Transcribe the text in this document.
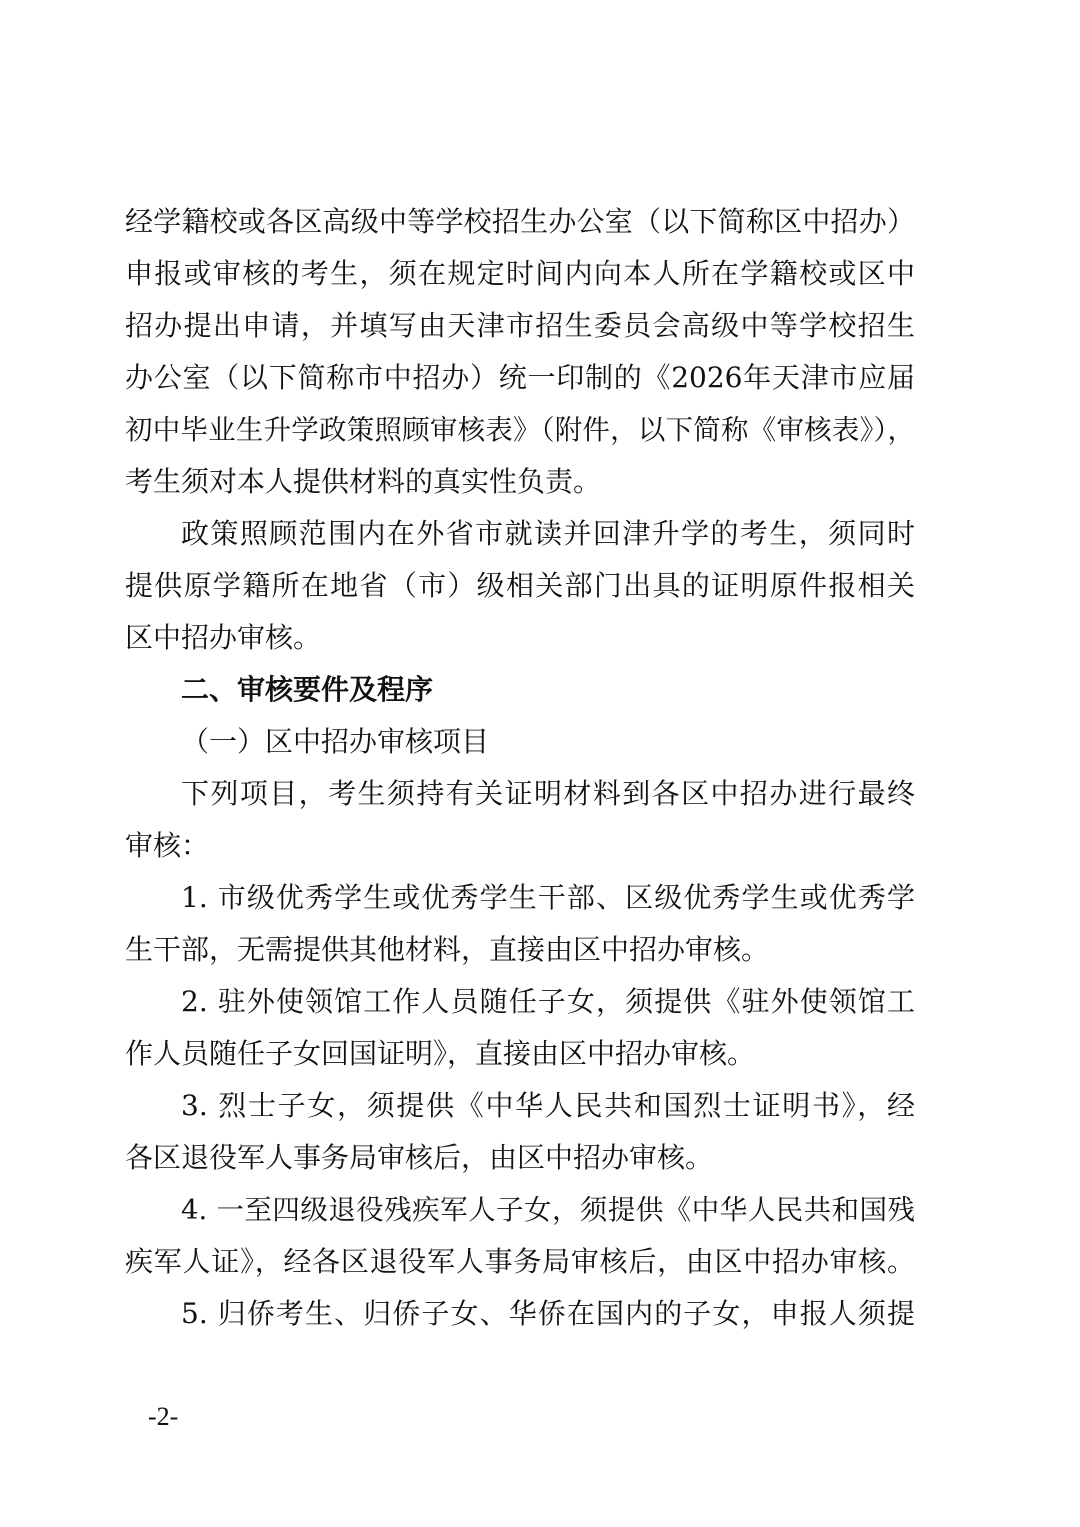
经学籍校或各区高级中等学校招生办公室（以下简称区中招办）
申报或审核的考生，须在规定时间内向本人所在学籍校或区中
招办提出申请，并填写由天津市招生委员会高级中等学校招生
办公室（以下简称市中招办）统一印制的《2026年天津市应届
初中毕业生升学政策照顾审核表》（附件，以下简称《审核表》），
考生须对本人提供材料的真实性负责。
政策照顾范围内在外省市就读并回津升学的考生，须同时
提供原学籍所在地省（市）级相关部门出具的证明原件报相关
区中招办审核。
二、审核要件及程序
（一）区中招办审核项目
下列项目，考生须持有关证明材料到各区中招办进行最终
审核：
1. 市级优秀学生或优秀学生干部、区级优秀学生或优秀学
生干部，无需提供其他材料，直接由区中招办审核。
2. 驻外使领馆工作人员随任子女，须提供《驻外使领馆工
作人员随任子女回国证明》，直接由区中招办审核。
3. 烈士子女，须提供《中华人民共和国烈士证明书》，经
各区退役军人事务局审核后，由区中招办审核。
4. 一至四级退役残疾军人子女，须提供《中华人民共和国残
疾军人证》，经各区退役军人事务局审核后，由区中招办审核。
5. 归侨考生、归侨子女、华侨在国内的子女，申报人须提
-2-
